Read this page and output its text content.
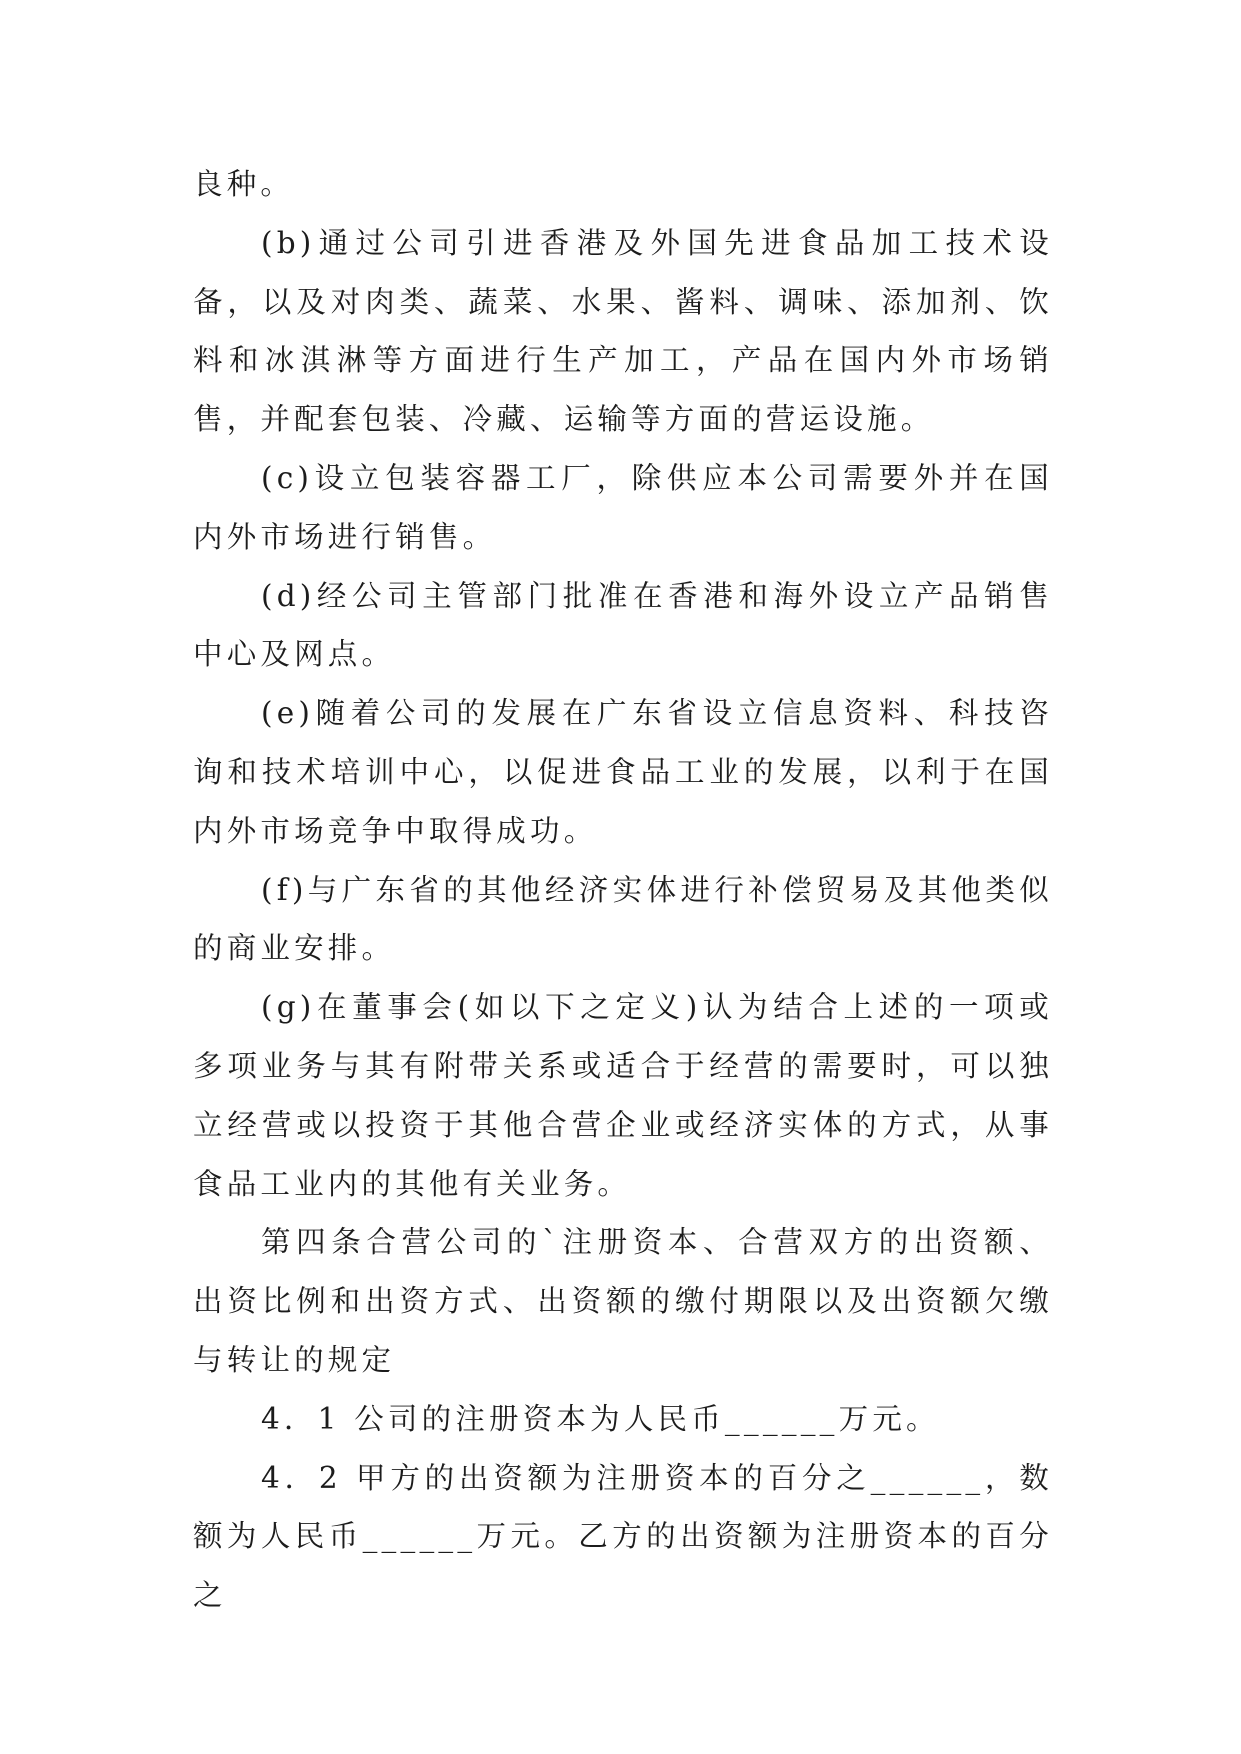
良种。

(b)通过公司引进香港及外国先进食品加工技术设备，以及对肉类、蔬菜、水果、酱料、调味、添加剂、饮料和冰淇淋等方面进行生产加工，产品在国内外市场销售，并配套包装、冷藏、运输等方面的营运设施。

(c)设立包装容器工厂，除供应本公司需要外并在国内外市场进行销售。

(d)经公司主管部门批准在香港和海外设立产品销售中心及网点。

(e)随着公司的发展在广东省设立信息资料、科技咨询和技术培训中心，以促进食品工业的发展，以利于在国内外市场竞争中取得成功。

(f)与广东省的其他经济实体进行补偿贸易及其他类似的商业安排。

(g)在董事会(如以下之定义)认为结合上述的一项或多项业务与其有附带关系或适合于经营的需要时，可以独立经营或以投资于其他合营企业或经济实体的方式，从事食品工业内的其他有关业务。

第四条合营公司的`注册资本、合营双方的出资额、出资比例和出资方式、出资额的缴付期限以及出资额欠缴与转让的规定

4．1 公司的注册资本为人民币______万元。

4．2 甲方的出资额为注册资本的百分之______，数额为人民币______万元。乙方的出资额为注册资本的百分之
